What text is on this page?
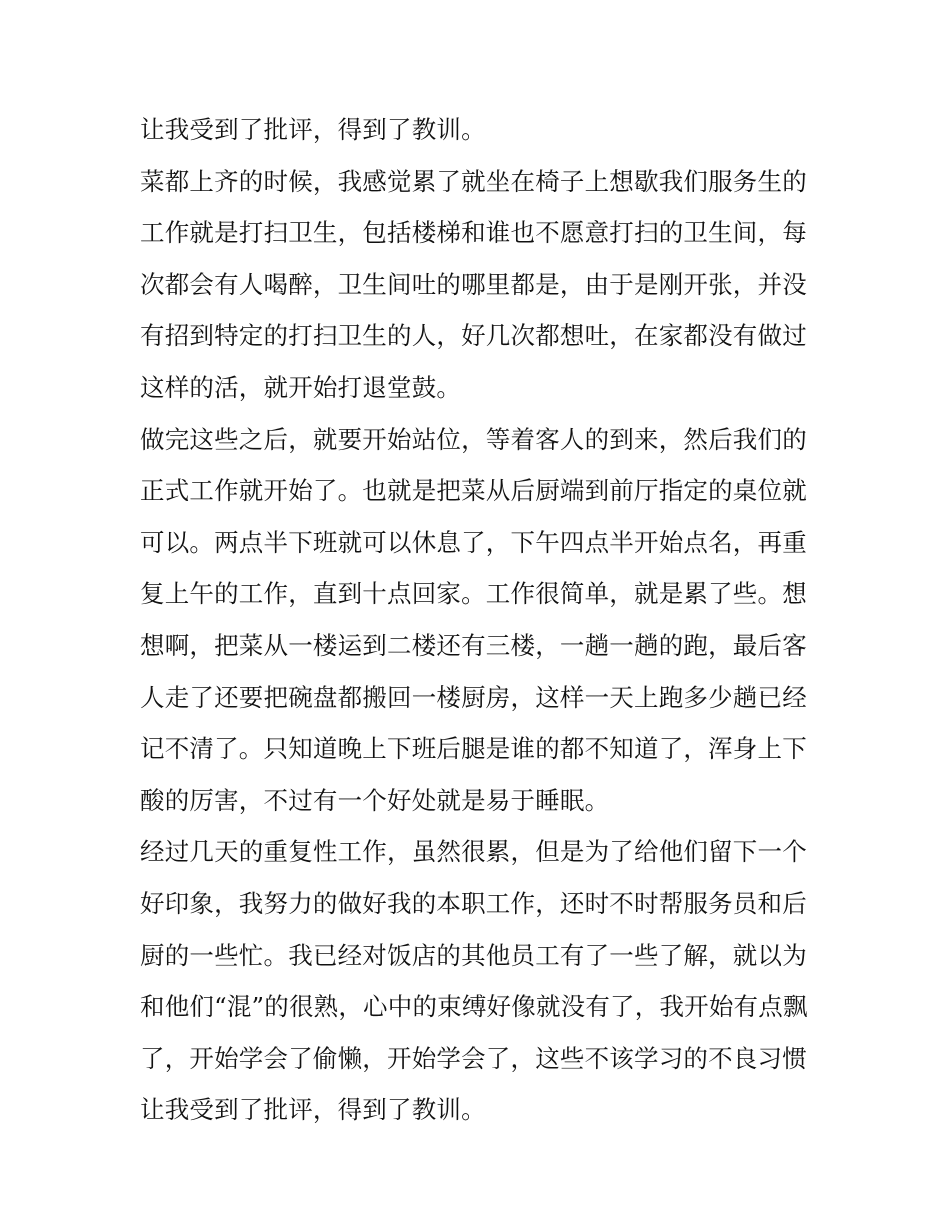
让我受到了批评，得到了教训。
菜都上齐的时候，我感觉累了就坐在椅子上想歇我们服务生的
工作就是打扫卫生，包括楼梯和谁也不愿意打扫的卫生间，每
次都会有人喝醉，卫生间吐的哪里都是，由于是刚开张，并没
有招到特定的打扫卫生的人，好几次都想吐，在家都没有做过
这样的活，就开始打退堂鼓。
做完这些之后，就要开始站位，等着客人的到来，然后我们的
正式工作就开始了。也就是把菜从后厨端到前厅指定的桌位就
可以。两点半下班就可以休息了，下午四点半开始点名，再重
复上午的工作，直到十点回家。工作很简单，就是累了些。想
想啊，把菜从一楼运到二楼还有三楼，一趟一趟的跑，最后客
人走了还要把碗盘都搬回一楼厨房，这样一天上跑多少趟已经
记不清了。只知道晚上下班后腿是谁的都不知道了，浑身上下
酸的厉害，不过有一个好处就是易于睡眠。
经过几天的重复性工作，虽然很累，但是为了给他们留下一个
好印象，我努力的做好我的本职工作，还时不时帮服务员和后
厨的一些忙。我已经对饭店的其他员工有了一些了解，就以为
和他们“混”的很熟，心中的束缚好像就没有了，我开始有点飘
了，开始学会了偷懒，开始学会了，这些不该学习的不良习惯
让我受到了批评，得到了教训。
